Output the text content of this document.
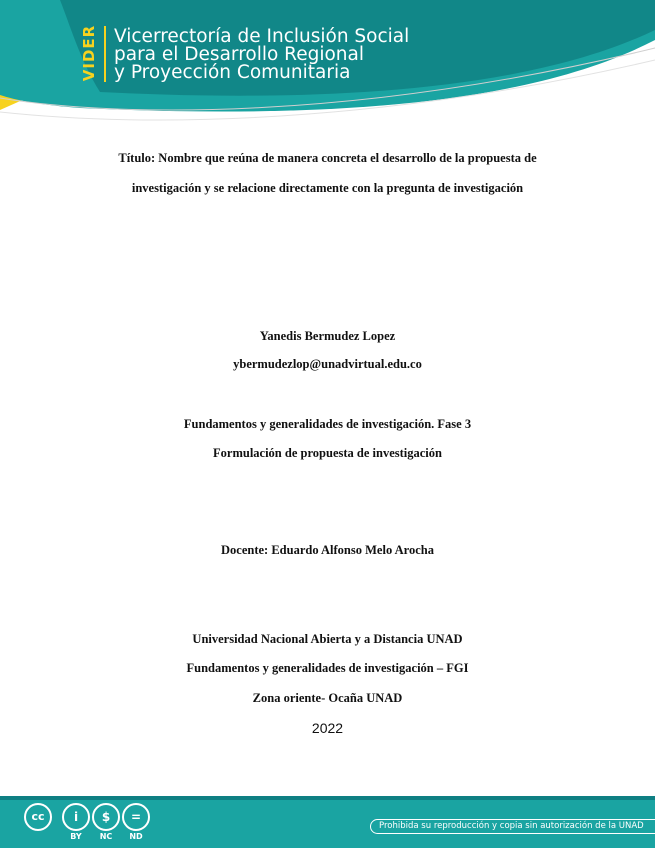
VIDER Vicerrectoría de Inclusión Social
para el Desarrollo Regional
y Proyección Comunitaria
Título: Nombre que reúna de manera concreta el desarrollo de la propuesta de
investigación y se relacione directamente con la pregunta de investigación
Yanedis Bermudez Lopez
ybermudezlop@unadvirtual.edu.co
Fundamentos y generalidades de investigación. Fase 3
Formulación de propuesta de investigación
Docente: Eduardo Alfonso Melo Arocha
Universidad Nacional Abierta y a Distancia UNAD
Fundamentos y generalidades de investigación – FGI
Zona oriente- Ocaña UNAD
2022
cc	i
BY
$
NC
=
ND
Prohibida su reproducción y copia sin autorización de la UNAD
